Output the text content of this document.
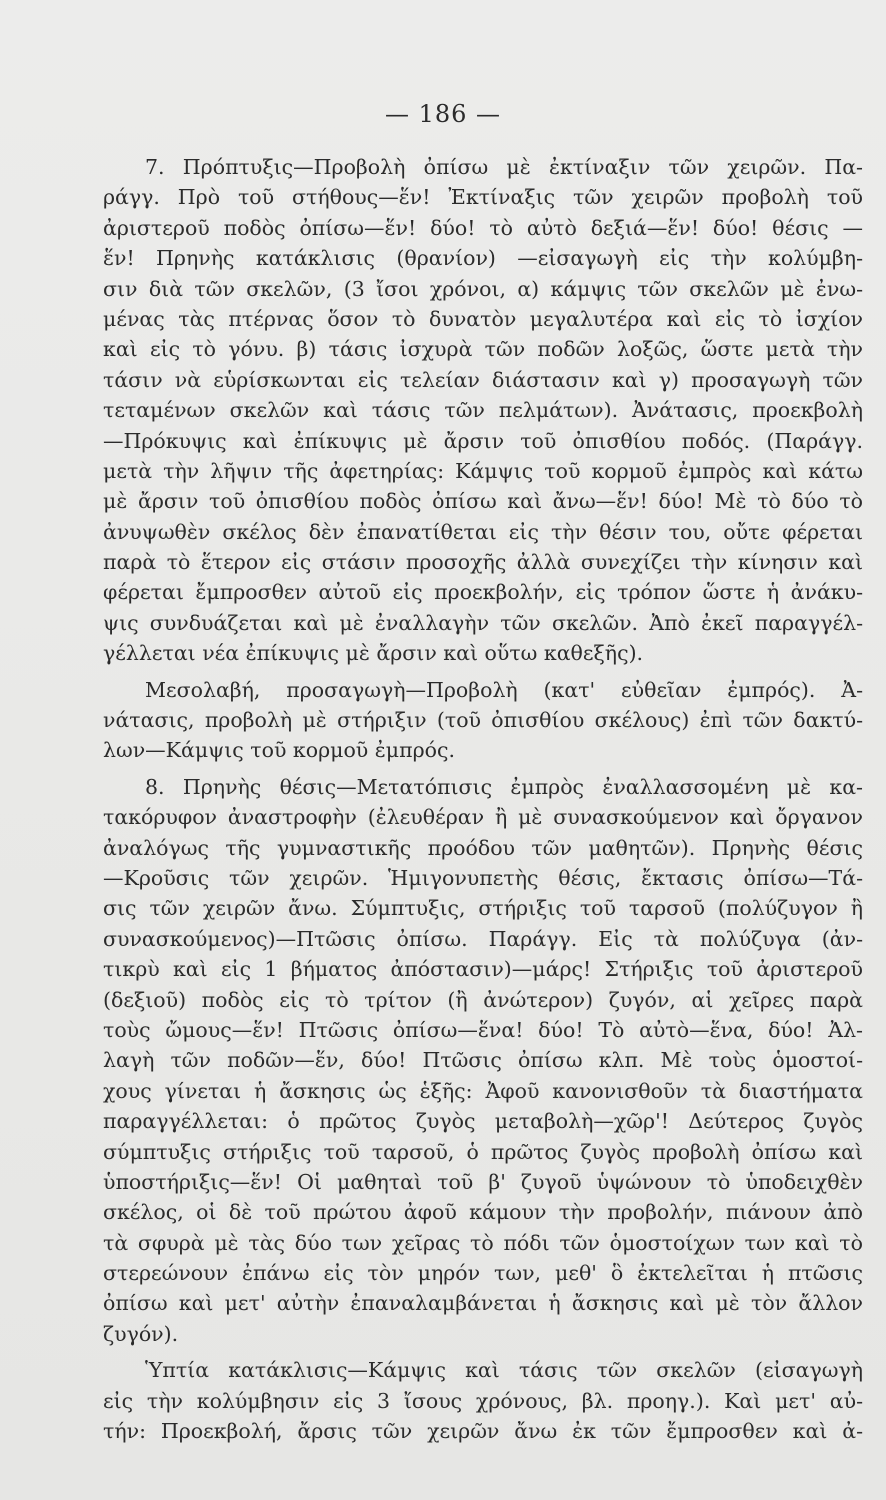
— 186 —
7. Πρόπτυξις—Προβολὴ ὀπίσω μὲ ἐκτίναξιν τῶν χειρῶν. Πα-
ράγγ. Πρὸ τοῦ στήθους—ἕν! Ἐκτίναξις τῶν χειρῶν προβολὴ τοῦ
ἀριστεροῦ ποδὸς ὀπίσω—ἕν! δύο! τὸ αὐτὸ δεξιά—ἕν! δύο! θέσις —
ἕν! Πρηνὴς κατάκλισις (θρανίον) —εἰσαγωγὴ εἰς τὴν κολύμβη-
σιν διὰ τῶν σκελῶν, (3 ἴσοι χρόνοι, α) κάμψις τῶν σκελῶν μὲ ἐνω-
μένας τὰς πτέρνας ὅσον τὸ δυνατὸν μεγαλυτέρα καὶ εἰς τὸ ἰσχίον
καὶ εἰς τὸ γόνυ. β) τάσις ἰσχυρὰ τῶν ποδῶν λοξῶς, ὥστε μετὰ τὴν
τάσιν νὰ εὑρίσκωνται εἰς τελείαν διάστασιν καὶ γ) προσαγωγὴ τῶν
τεταμένων σκελῶν καὶ τάσις τῶν πελμάτων). Ἀνάτασις, προεκβολὴ
—Πρόκυψις καὶ ἐπίκυψις μὲ ἄρσιν τοῦ ὀπισθίου ποδός. (Παράγγ.
μετὰ τὴν λῆψιν τῆς ἀφετηρίας: Κάμψις τοῦ κορμοῦ ἐμπρὸς καὶ κάτω
μὲ ἄρσιν τοῦ ὀπισθίου ποδὸς ὀπίσω καὶ ἄνω—ἕν! δύο! Μὲ τὸ δύο τὸ
ἀνυψωθὲν σκέλος δὲν ἐπανατίθεται εἰς τὴν θέσιν του, οὔτε φέρεται
παρὰ τὸ ἕτερον εἰς στάσιν προσοχῆς ἀλλὰ συνεχίζει τὴν κίνησιν καὶ
φέρεται ἔμπροσθεν αὐτοῦ εἰς προεκβολήν, εἰς τρόπον ὥστε ἡ ἀνάκυ-
ψις συνδυάζεται καὶ μὲ ἐναλλαγὴν τῶν σκελῶν. Ἀπὸ ἐκεῖ παραγγέλ-
γέλλεται νέα ἐπίκυψις μὲ ἄρσιν καὶ οὕτω καθεξῆς).
Μεσολαβή, προσαγωγὴ—Προβολὴ (κατ' εὐθεῖαν ἐμπρός). Ἀ-
νάτασις, προβολὴ μὲ στήριξιν (τοῦ ὀπισθίου σκέλους) ἐπὶ τῶν δακτύ-
λων—Κάμψις τοῦ κορμοῦ ἐμπρός.
8. Πρηνὴς θέσις—Μετατόπισις ἐμπρὸς ἐναλλασσομένη μὲ κα-
τακόρυφον ἀναστροφὴν (ἐλευθέραν ἢ μὲ συνασκούμενον καὶ ὄργανον
ἀναλόγως τῆς γυμναστικῆς προόδου τῶν μαθητῶν). Πρηνὴς θέσις
—Κροῦσις τῶν χειρῶν. Ἡμιγονυπετὴς θέσις, ἔκτασις ὀπίσω—Τά-
σις τῶν χειρῶν ἄνω. Σύμπτυξις, στήριξις τοῦ ταρσοῦ (πολύζυγον ἢ
συνασκούμενος)—Πτῶσις ὀπίσω. Παράγγ. Εἰς τὰ πολύζυγα (ἀν-
τικρὺ καὶ εἰς 1 βήματος ἀπόστασιν)—μάρς! Στήριξις τοῦ ἀριστεροῦ
(δεξιοῦ) ποδὸς εἰς τὸ τρίτον (ἢ ἀνώτερον) ζυγόν, αἱ χεῖρες παρὰ
τοὺς ὤμους—ἕν! Πτῶσις ὀπίσω—ἕνα! δύο! Τὸ αὐτὸ—ἕνα, δύο! Ἀλ-
λαγὴ τῶν ποδῶν—ἕν, δύο! Πτῶσις ὀπίσω κλπ. Μὲ τοὺς ὁμοστοί-
χους γίνεται ἡ ἄσκησις ὡς ἑξῆς: Ἀφοῦ κανονισθοῦν τὰ διαστήματα
παραγγέλλεται: ὁ πρῶτος ζυγὸς μεταβολὴ—χῶρ'! Δεύτερος ζυγὸς
σύμπτυξις στήριξις τοῦ ταρσοῦ, ὁ πρῶτος ζυγὸς προβολὴ ὀπίσω καὶ
ὑποστήριξις—ἕν! Οἱ μαθηταὶ τοῦ β' ζυγοῦ ὑψώνουν τὸ ὑποδειχθὲν
σκέλος, οἱ δὲ τοῦ πρώτου ἀφοῦ κάμουν τὴν προβολήν, πιάνουν ἀπὸ
τὰ σφυρὰ μὲ τὰς δύο των χεῖρας τὸ πόδι τῶν ὁμοστοίχων των καὶ τὸ
στερεώνουν ἐπάνω εἰς τὸν μηρόν των, μεθ' ὃ ἐκτελεῖται ἡ πτῶσις
ὀπίσω καὶ μετ' αὐτὴν ἐπαναλαμβάνεται ἡ ἄσκησις καὶ μὲ τὸν ἄλλον
ζυγόν).
Ὑπτία κατάκλισις—Κάμψις καὶ τάσις τῶν σκελῶν (εἰσαγωγὴ
εἰς τὴν κολύμβησιν εἰς 3 ἴσους χρόνους, βλ. προηγ.). Καὶ μετ' αὐ-
τήν: Προεκβολή, ἄρσις τῶν χειρῶν ἄνω ἐκ τῶν ἔμπροσθεν καὶ ἀ-
